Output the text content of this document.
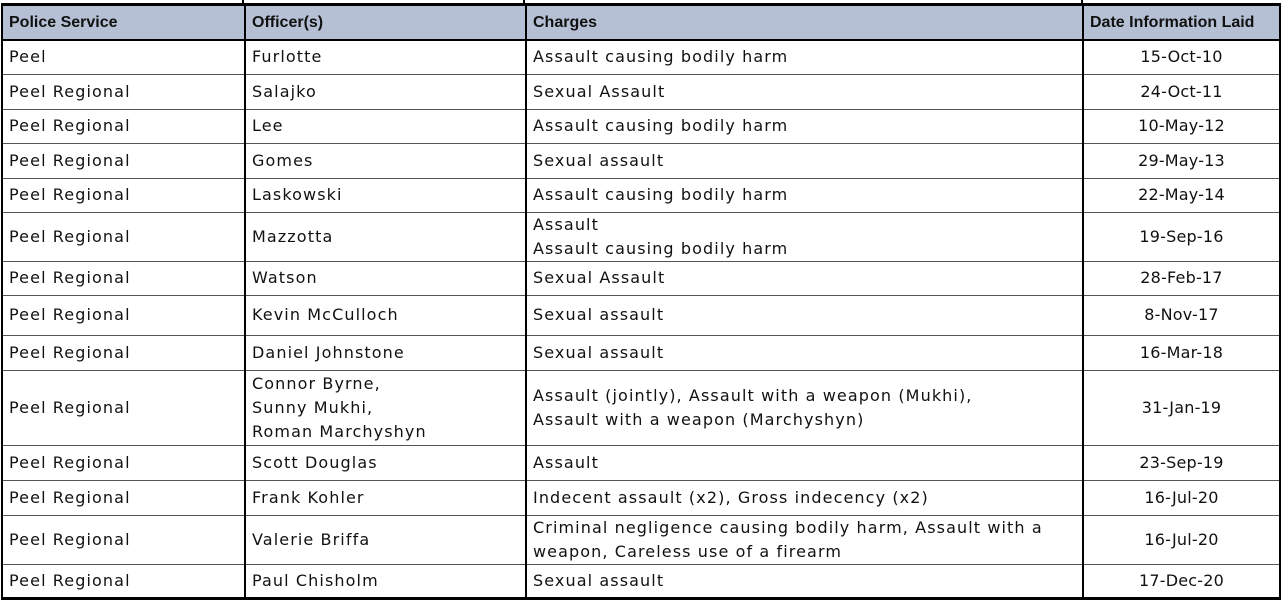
Police Service	Officer(s)	Charges	Date Information Laid

Peel	Furlotte	Assault causing bodily harm	15-Oct-10

Peel Regional	Salajko	Sexual Assault	24-Oct-11

Peel Regional	Lee	Assault causing bodily harm	10-May-12

Peel Regional	Gomes	Sexual assault	29-May-13

Peel Regional	Laskowski	Assault causing bodily harm	22-May-14

Peel Regional	Mazzotta	Assault
Assault causing bodily harm	19-Sep-16

Peel Regional	Watson	Sexual Assault	28-Feb-17

Peel Regional	Kevin McCulloch	Sexual assault	8-Nov-17

Peel Regional	Daniel Johnstone	Sexual assault	16-Mar-18

Peel Regional	Connor Byrne,
Sunny Mukhi,
Roman Marchyshyn	Assault (jointly), Assault with a weapon (Mukhi),
Assault with a weapon (Marchyshyn)	31-Jan-19

Peel Regional	Scott Douglas	Assault	23-Sep-19

Peel Regional	Frank Kohler	Indecent assault (x2), Gross indecency (x2)	16-Jul-20

Peel Regional	Valerie Briffa	Criminal negligence causing bodily harm, Assault with a
weapon, Careless use of a firearm	16-Jul-20

Peel Regional	Paul Chisholm	Sexual assault	17-Dec-20
